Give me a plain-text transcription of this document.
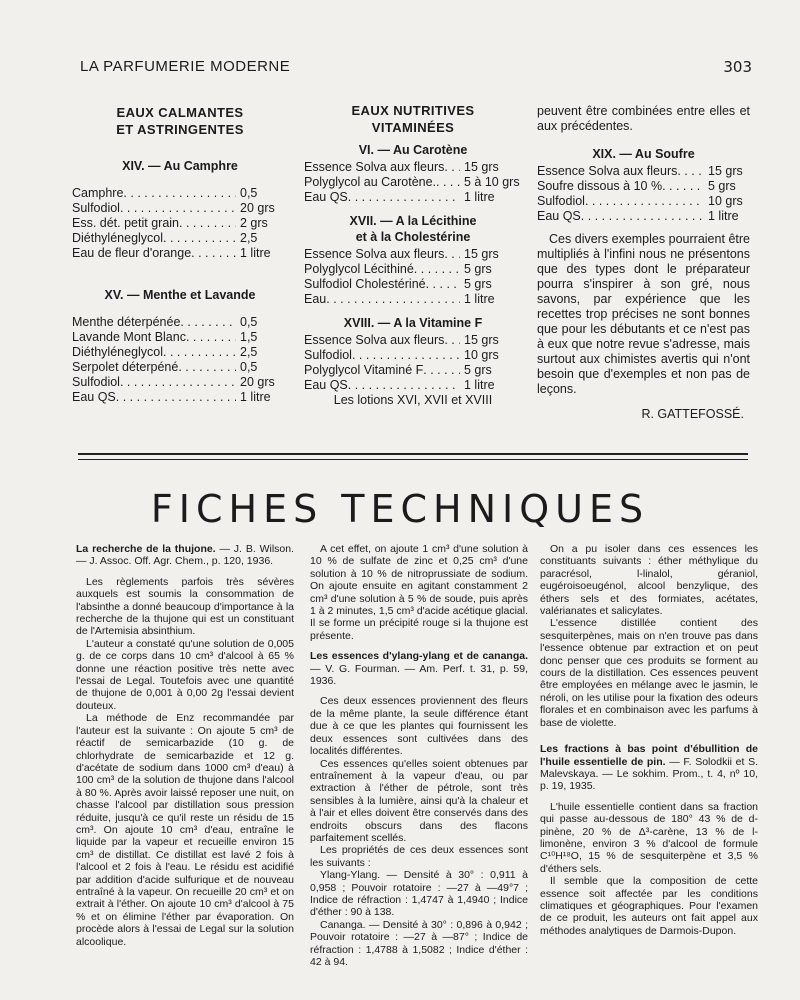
LA PARFUMERIE MODERNE	303
EAUX CALMANTES
ET ASTRINGENTES
XIV. — Au Camphre
Camphre . . .	0,5
Sulfodiol . . .	20 grs
Ess. dét. petit grain . . .	2 grs
Diéthyléneglycol . . .	2,5
Eau de fleur d'orange . . .	1 litre
XV. — Menthe et Lavande
Menthe déterpénée . . .	0,5
Lavande Mont Blanc . . .	1,5
Diéthyléneglycol . . .	2,5
Serpolet déterpéné . . .	0,5
Sulfodiol . . .	20 grs
Eau QS . . .	1 litre
EAUX NUTRITIVES
VITAMINÉES
VI. — Au Carotène
Essence Solva aux fleurs . . .	15 grs
Polyglycol au Carotène. . . .	5 à 10 grs
Eau QS . . .	1 litre
XVII. — A la Lécithine
et à la Cholestérine
Essence Solva aux fleurs . . .	15 grs
Polyglycol Lécithiné . . .	5 grs
Sulfodiol Cholestériné . . .	5 grs
Eau . . .	1 litre
XVIII. — A la Vitamine F
Essence Solva aux fleurs . . .	15 grs
Sulfodiol . . .	10 grs
Polyglycol Vitaminé F . . .	5 grs
Eau QS . . .	1 litre

Les lotions XVI, XVII et XVIII

peuvent être combinées entre elles et aux précédentes.

XIX. — Au Soufre
Essence Solva aux fleurs . . .	15 grs
Soufre dissous à 10 % . . .	5 grs
Sulfodiol . . .	10 grs
Eau QS . . .	1 litre

Ces divers exemples pourraient être multipliés à l'infini nous ne présentons que des types dont le préparateur pourra s'inspirer à son gré, nous savons, par expérience que les recettes trop précises ne sont bonnes que pour les débutants et ce n'est pas à eux que notre revue s'adresse, mais surtout aux chimistes avertis qui n'ont besoin que d'exemples et non pas de leçons.

R. GATTEFOSSÉ.
FICHES TECHNIQUES

La recherche de la thujone. — J. B. Wilson. — J. Assoc. Off. Agr. Chem., p. 120, 1936.

Les règlements parfois très sévères auxquels est soumis la consommation de l'absinthe a donné beaucoup d'importance à la recherche de la thujone qui est un constituant de l'Artemisia absinthium.

L'auteur a constaté qu'une solution de 0,005 g. de ce corps dans 10 cm³ d'alcool à 65 % donne une réaction positive très nette avec l'essai de Legal. Toutefois avec une quantité de thujone de 0,001 à 0,00 2g l'essai devient douteux.

La méthode de Enz recommandée par l'auteur est la suivante : On ajoute 5 cm³ de réactif de semicarbazide (10 g. de chlorhydrate de semicarbazide et 12 g. d'acétate de sodium dans 1000 cm³ d'eau) à 100 cm³ de la solution de thujone dans l'alcool à 80 %. Après avoir laissé reposer une nuit, on chasse l'alcool par distillation sous pression réduite, jusqu'à ce qu'il reste un résidu de 15 cm³. On ajoute 10 cm³ d'eau, entraîne le liquide par la vapeur et recueille environ 15 cm³ de distillat. Ce distillat est lavé 2 fois à l'alcool et 2 fois à l'eau. Le résidu est acidifié par addition d'acide sulfurique et de nouveau entraîné à la vapeur. On recueille 20 cm³ et on extrait à l'éther. On ajoute 10 cm³ d'alcool à 75 % et on élimine l'éther par évaporation. On procède alors à l'essai de Legal sur la solution alcoolique.

A cet effet, on ajoute 1 cm³ d'une solution à 10 % de sulfate de zinc et 0,25 cm³ d'une solution à 10 % de nitroprussiate de sodium. On ajoute ensuite en agitant constamment 2 cm³ d'une solution à 5 % de soude, puis après 1 à 2 minutes, 1,5 cm³ d'acide acétique glacial. Il se forme un précipité rouge si la thujone est présente.

Les essences d'ylang-ylang et de cananga. — V. G. Fourman. — Am. Perf. t. 31, p. 59, 1936.

Ces deux essences proviennent des fleurs de la même plante, la seule différence étant due à ce que les plantes qui fournissent les deux essences sont cultivées dans des localités différentes.

Ces essences qu'elles soient obtenues par entraînement à la vapeur d'eau, ou par extraction à l'éther de pétrole, sont très sensibles à la lumière, ainsi qu'à la chaleur et à l'air et elles doivent être conservés dans des endroits obscurs dans des flacons parfaitement scellés.

Les propriétés de ces deux essences sont les suivants :

Ylang-Ylang. — Densité à 30° : 0,911 à 0,958 ; Pouvoir rotatoire : —27 à —49°7 ; Indice de réfraction : 1,4747 à 1,4940 ; Indice d'éther : 90 à 138.

Cananga. — Densité à 30° : 0,896 à 0,942 ; Pouvoir rotatoire : —27 à —87° ; Indice de réfraction : 1,4788 à 1,5082 ; Indice d'éther : 42 à 94.

On a pu isoler dans ces essences les constituants suivants : éther méthylique du paracrésol, l-linalol, géraniol, eugéroisoeugénol, alcool benzylique, des éthers sels et des formiates, acétates, valérianates et salicylates.

L'essence distillée contient des sesquiterpènes, mais on n'en trouve pas dans l'essence obtenue par extraction et on peut donc penser que ces produits se forment au cours de la distillation. Ces essences peuvent être employées en mélange avec le jasmin, le néroli, on les utilise pour la fixation des odeurs florales et en combinaison avec les parfums à base de violette.

Les fractions à bas point d'ébullition de l'huile essentielle de pin. — F. Solodkii et S. Malevskaya. — Le sokhim. Prom., t. 4, nº 10, p. 19, 1935.

L'huile essentielle contient dans sa fraction qui passe au-dessous de 180° 43 % de d-pinène, 20 % de Δ³-carène, 13 % de l-limonène, environ 3 % d'alcool de formule C¹⁰H¹⁸O, 15 % de sesquiterpène et 3,5 % d'éthers sels.

Il semble que la composition de cette essence soit affectée par les conditions climatiques et géographiques. Pour l'examen de ce produit, les auteurs ont fait appel aux méthodes analytiques de Darmois-Dupon.
